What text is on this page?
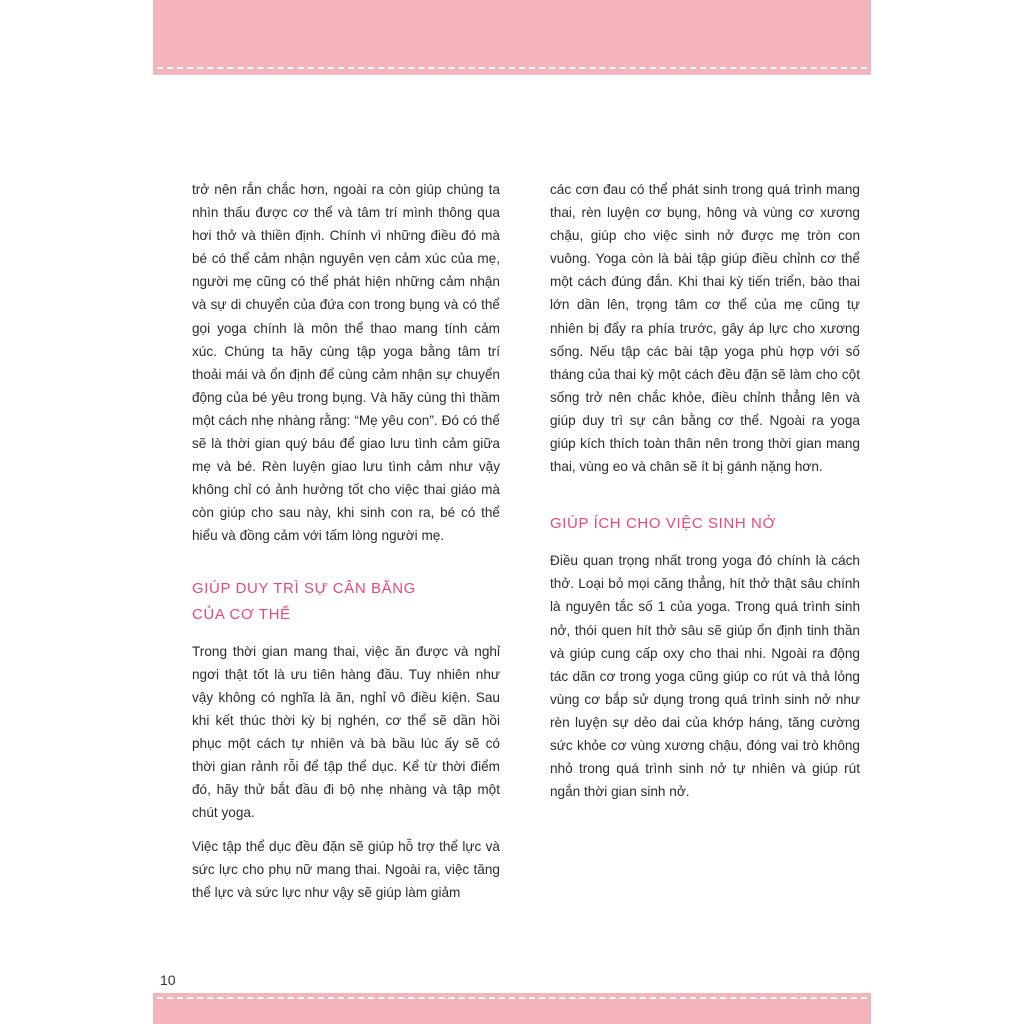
trở nên rắn chắc hơn, ngoài ra còn giúp chúng ta nhìn thấu được cơ thể và tâm trí mình thông qua hơi thở và thiền định. Chính vì những điều đó mà bé có thể cảm nhận nguyên vẹn cảm xúc của mẹ, người mẹ cũng có thể phát hiện những cảm nhận và sự di chuyển của đứa con trong bụng và có thể gọi yoga chính là môn thể thao mang tính cảm xúc. Chúng ta hãy cùng tập yoga bằng tâm trí thoải mái và ổn định để cùng cảm nhận sự chuyển động của bé yêu trong bụng. Và hãy cùng thì thầm một cách nhẹ nhàng rằng: “Mẹ yêu con”. Đó có thể sẽ là thời gian quý báu để giao lưu tình cảm giữa mẹ và bé. Rèn luyện giao lưu tình cảm như vậy không chỉ có ảnh hưởng tốt cho việc thai giáo mà còn giúp cho sau này, khi sinh con ra, bé có thể hiểu và đồng cảm với tấm lòng người mẹ.

GIÚP DUY TRÌ SỰ CÂN BẰNG
CỦA CƠ THỂ

Trong thời gian mang thai, việc ăn được và nghỉ ngơi thật tốt là ưu tiên hàng đầu. Tuy nhiên như vậy không có nghĩa là ăn, nghỉ vô điều kiện. Sau khi kết thúc thời kỳ bị nghén, cơ thể sẽ dần hồi phục một cách tự nhiên và bà bầu lúc ấy sẽ có thời gian rảnh rỗi để tập thể dục. Kể từ thời điểm đó, hãy thử bắt đầu đi bộ nhẹ nhàng và tập một chút yoga.

Việc tập thể dục đều đặn sẽ giúp hỗ trợ thể lực và sức lực cho phụ nữ mang thai. Ngoài ra, việc tăng thể lực và sức lực như vậy sẽ giúp làm giảm

các cơn đau có thể phát sinh trong quá trình mang thai, rèn luyện cơ bụng, hông và vùng cơ xương chậu, giúp cho việc sinh nở được mẹ tròn con vuông. Yoga còn là bài tập giúp điều chỉnh cơ thể một cách đúng đắn. Khi thai kỳ tiến triển, bào thai lớn dần lên, trọng tâm cơ thể của mẹ cũng tự nhiên bị đẩy ra phía trước, gây áp lực cho xương sống. Nếu tập các bài tập yoga phù hợp với số tháng của thai kỳ một cách đều đặn sẽ làm cho cột sống trở nên chắc khỏe, điều chỉnh thẳng lên và giúp duy trì sự cân bằng cơ thể. Ngoài ra yoga giúp kích thích toàn thân nên trong thời gian mang thai, vùng eo và chân sẽ ít bị gánh nặng hơn.

GIÚP ÍCH CHO VIỆC SINH NỞ

Điều quan trọng nhất trong yoga đó chính là cách thở. Loại bỏ mọi căng thẳng, hít thở thật sâu chính là nguyên tắc số 1 của yoga. Trong quá trình sinh nở, thói quen hít thở sâu sẽ giúp ổn định tinh thần và giúp cung cấp oxy cho thai nhi. Ngoài ra động tác dãn cơ trong yoga cũng giúp co rút và thả lỏng vùng cơ bắp sử dụng trong quá trình sinh nở như rèn luyện sự dẻo dai của khớp háng, tăng cường sức khỏe cơ vùng xương chậu, đóng vai trò không nhỏ trong quá trình sinh nở tự nhiên và giúp rút ngắn thời gian sinh nở.

10
